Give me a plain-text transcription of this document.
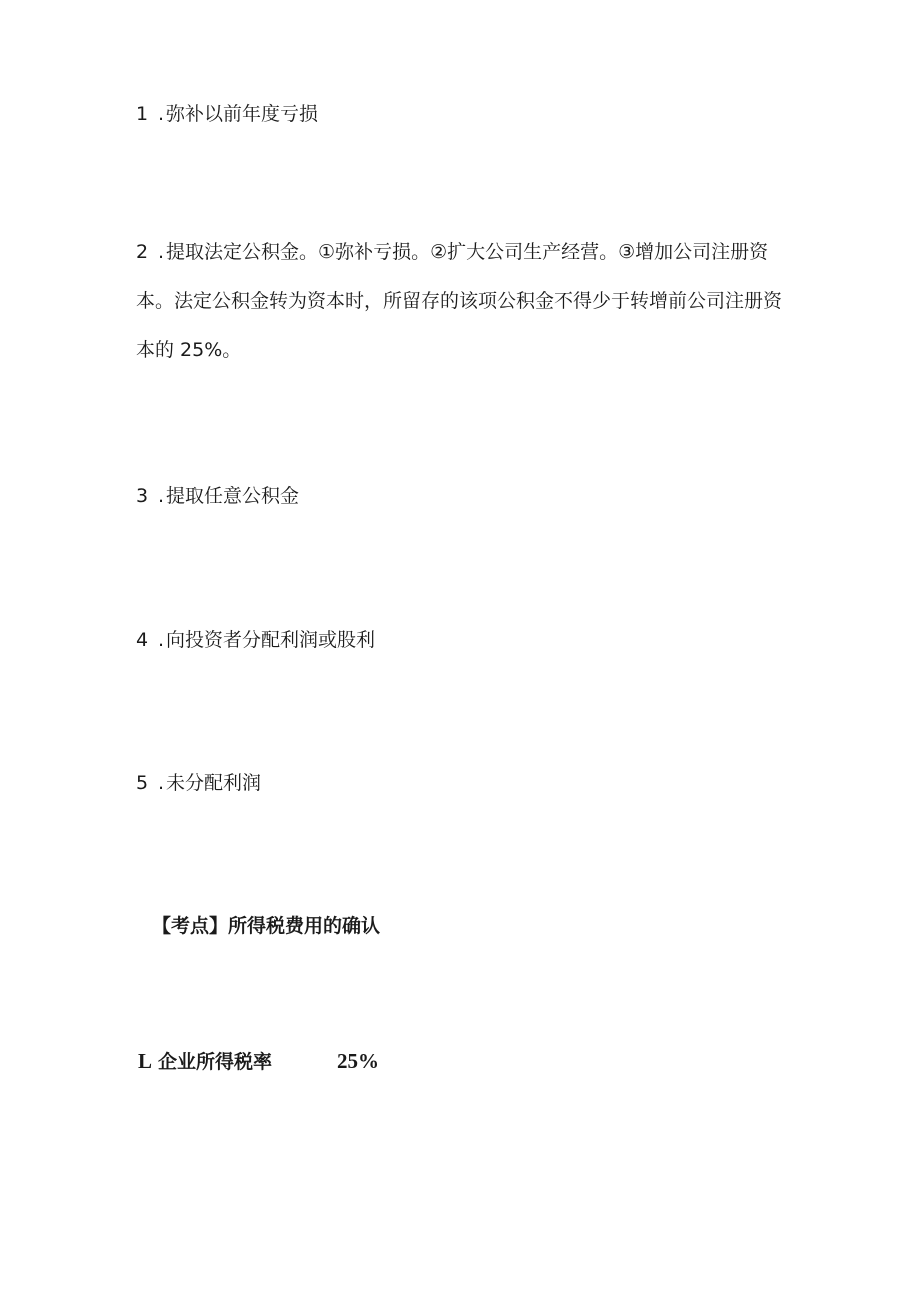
1 . 弥补以前年度亏损

2 . 提取法定公积金。①弥补亏损。②扩大公司生产经营。③增加公司注册资本。法定公积金转为资本时，所留存的该项公积金不得少于转增前公司注册资本的 25%。

3 . 提取任意公积金

4 . 向投资者分配利润或股利

5 . 未分配利润

【考点】所得税费用的确认

L 企业所得税率	25%
